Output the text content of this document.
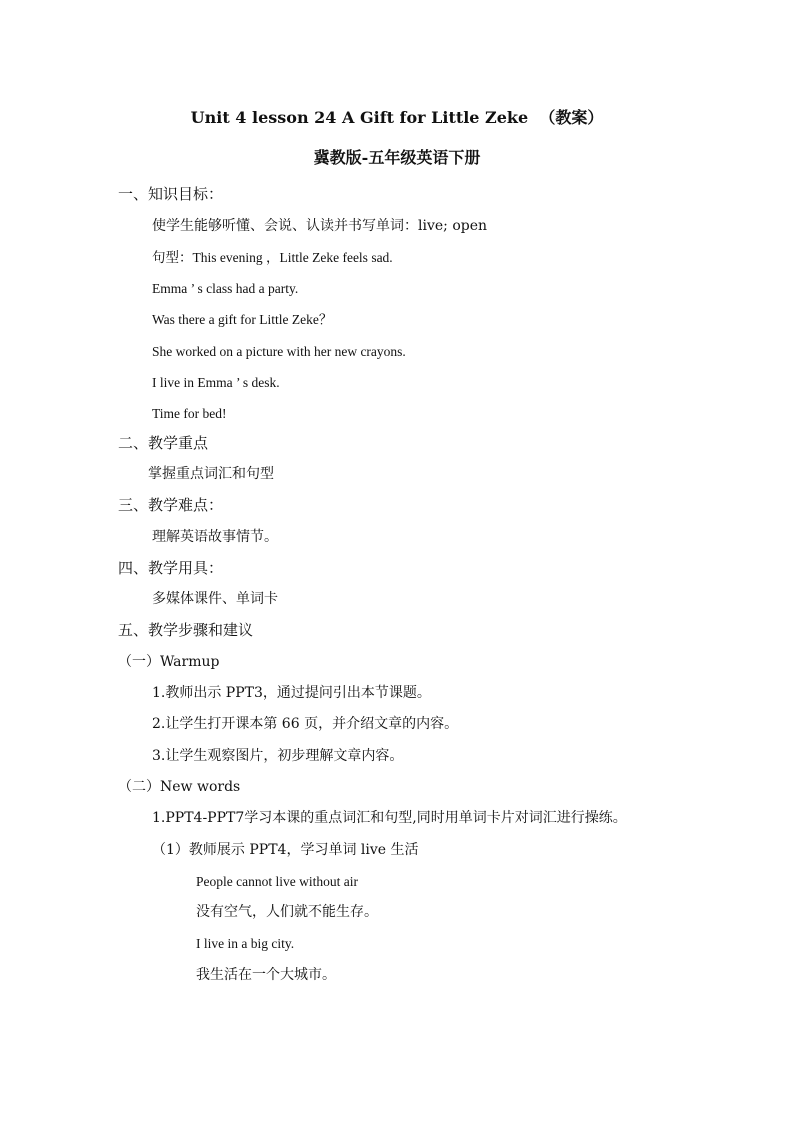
Unit 4 lesson 24 A Gift for Little Zeke  （教案）
冀教版-五年级英语下册
一、知识目标：
使学生能够听懂、会说、认读并书写单词：live; open
句型：This evening ，Little Zeke feels sad.
Emma ’ s class had a party.
Was there a gift for Little Zeke？
She worked on a picture with her new crayons.
I live in Emma ’ s desk.
Time for bed!
二、教学重点
掌握重点词汇和句型
三、教学难点：
理解英语故事情节。
四、教学用具：
多媒体课件、单词卡
五、教学步骤和建议
（一）Warmup
1.教师出示 PPT3，通过提问引出本节课题。
2.让学生打开课本第 66 页，并介绍文章的内容。
3.让学生观察图片，初步理解文章内容。
（二）New words
1.PPT4-PPT7学习本课的重点词汇和句型,同时用单词卡片对词汇进行操练。
（1）教师展示 PPT4，学习单词 live 生活
People cannot live without air
没有空气，人们就不能生存。
I live in a big city.
我生活在一个大城市。
